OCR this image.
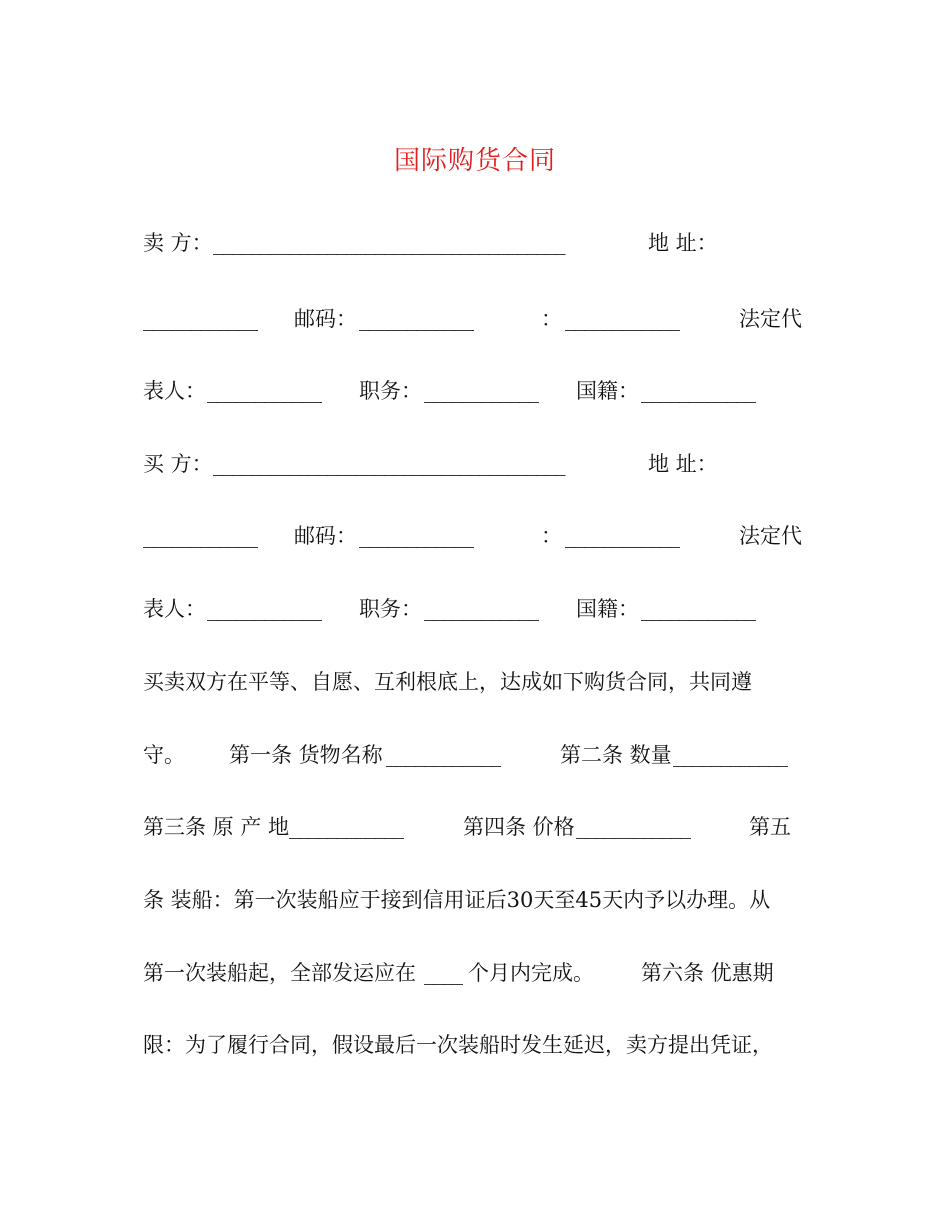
国际购货合同
卖 方： _____________________________________	地 址：
____________ 邮码： ____________	： ____________	法定代
表人： ____________ 职务： ____________ 国籍： ____________
买 方： _____________________________________	地 址：
____________ 邮码： ____________	： ____________	法定代
表人： ____________ 职务： ____________ 国籍： ____________
买卖双方在平等、自愿、互利根底上，达成如下购货合同，共同遵
守。 第一条 货物名称 ____________	第二条 数量 ____________
第三条 原 产 地 ____________	第四条 价格 ____________	第五
条 装船：第一次装船应于接到信用证后30天至45天内予以办理。从
第一次装船起，全部发运应在 ____ 个月内完成。 第六条 优惠期
限：为了履行合同，假设最后一次装船时发生延迟，卖方提出凭证，
